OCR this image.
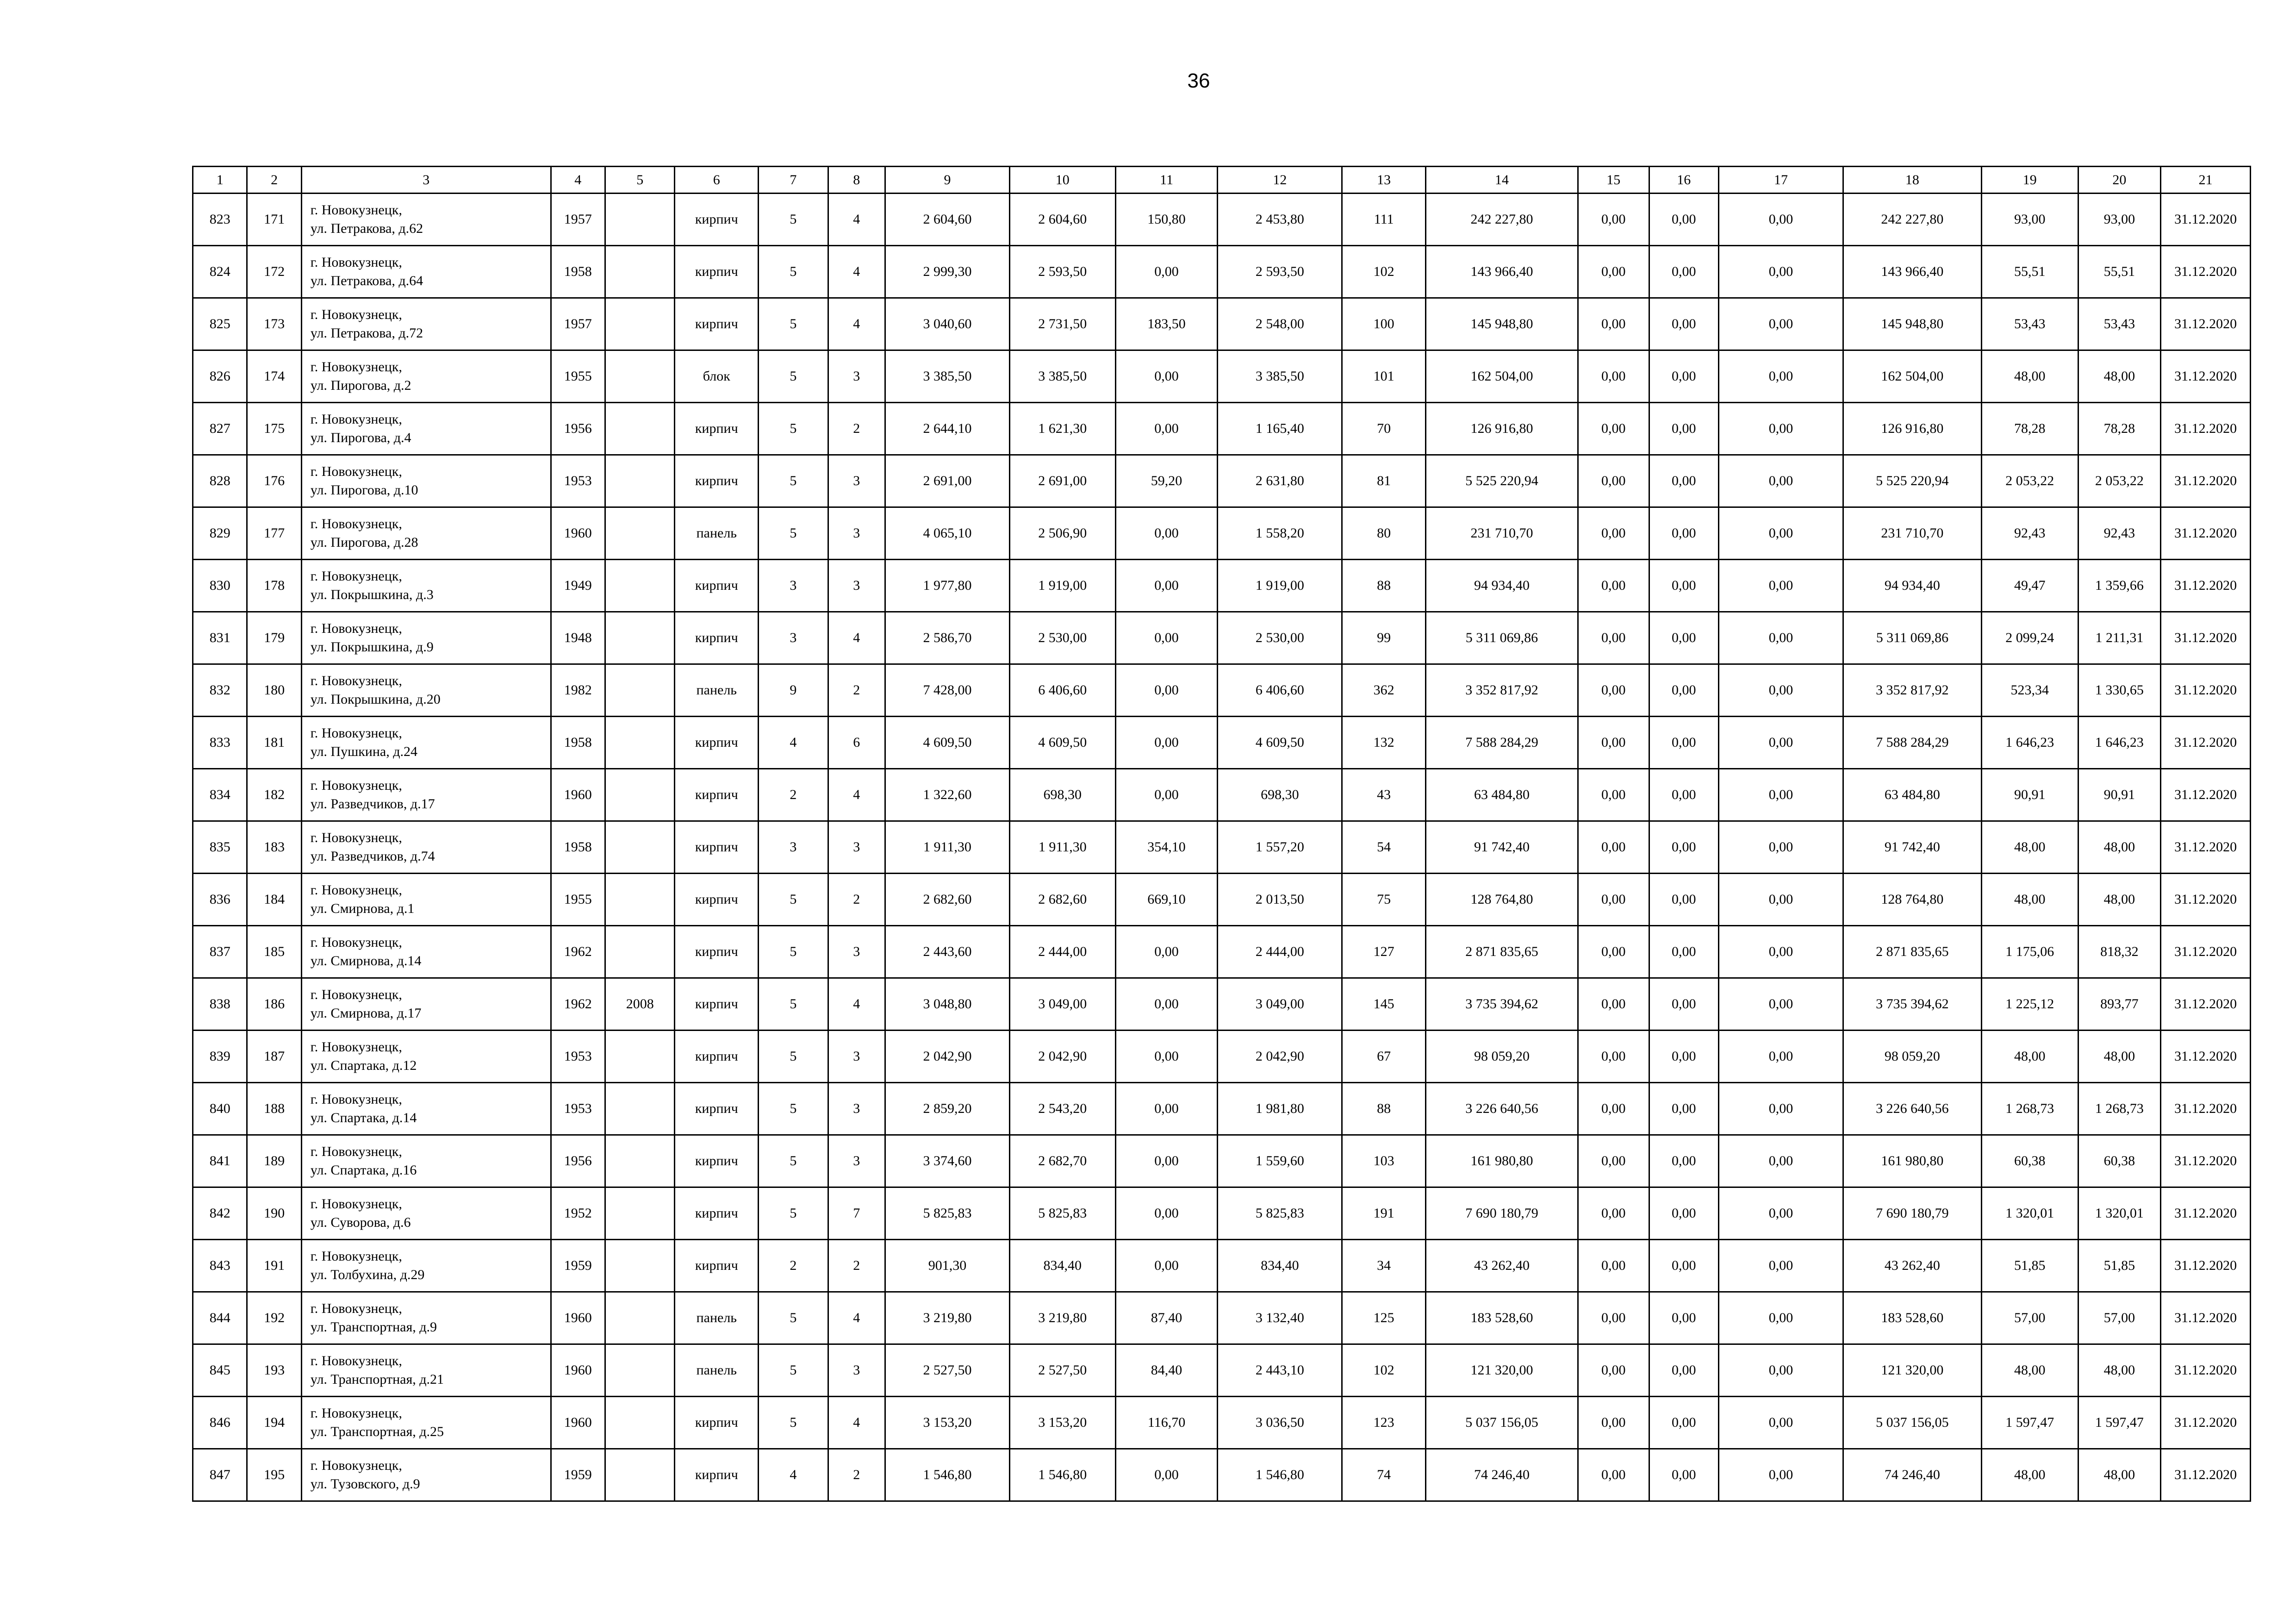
36
1	2	3	4	5	6	7	8	9	10	11	12	13	14	15	16	17	18	19	20	21
823	171	г. Новокузнецк,
ул. Петракова, д.62	1957		кирпич	5	4	2 604,60	2 604,60	150,80	2 453,80	111	242 227,80	0,00	0,00	0,00	242 227,80	93,00	93,00	31.12.2020
824	172	г. Новокузнецк,
ул. Петракова, д.64	1958		кирпич	5	4	2 999,30	2 593,50	0,00	2 593,50	102	143 966,40	0,00	0,00	0,00	143 966,40	55,51	55,51	31.12.2020
825	173	г. Новокузнецк,
ул. Петракова, д.72	1957		кирпич	5	4	3 040,60	2 731,50	183,50	2 548,00	100	145 948,80	0,00	0,00	0,00	145 948,80	53,43	53,43	31.12.2020
826	174	г. Новокузнецк,
ул. Пирогова, д.2	1955		блок	5	3	3 385,50	3 385,50	0,00	3 385,50	101	162 504,00	0,00	0,00	0,00	162 504,00	48,00	48,00	31.12.2020
827	175	г. Новокузнецк,
ул. Пирогова, д.4	1956		кирпич	5	2	2 644,10	1 621,30	0,00	1 165,40	70	126 916,80	0,00	0,00	0,00	126 916,80	78,28	78,28	31.12.2020
828	176	г. Новокузнецк,
ул. Пирогова, д.10	1953		кирпич	5	3	2 691,00	2 691,00	59,20	2 631,80	81	5 525 220,94	0,00	0,00	0,00	5 525 220,94	2 053,22	2 053,22	31.12.2020
829	177	г. Новокузнецк,
ул. Пирогова, д.28	1960		панель	5	3	4 065,10	2 506,90	0,00	1 558,20	80	231 710,70	0,00	0,00	0,00	231 710,70	92,43	92,43	31.12.2020
830	178	г. Новокузнецк,
ул. Покрышкина, д.3	1949		кирпич	3	3	1 977,80	1 919,00	0,00	1 919,00	88	94 934,40	0,00	0,00	0,00	94 934,40	49,47	1 359,66	31.12.2020
831	179	г. Новокузнецк,
ул. Покрышкина, д.9	1948		кирпич	3	4	2 586,70	2 530,00	0,00	2 530,00	99	5 311 069,86	0,00	0,00	0,00	5 311 069,86	2 099,24	1 211,31	31.12.2020
832	180	г. Новокузнецк,
ул. Покрышкина, д.20	1982		панель	9	2	7 428,00	6 406,60	0,00	6 406,60	362	3 352 817,92	0,00	0,00	0,00	3 352 817,92	523,34	1 330,65	31.12.2020
833	181	г. Новокузнецк,
ул. Пушкина, д.24	1958		кирпич	4	6	4 609,50	4 609,50	0,00	4 609,50	132	7 588 284,29	0,00	0,00	0,00	7 588 284,29	1 646,23	1 646,23	31.12.2020
834	182	г. Новокузнецк,
ул. Разведчиков, д.17	1960		кирпич	2	4	1 322,60	698,30	0,00	698,30	43	63 484,80	0,00	0,00	0,00	63 484,80	90,91	90,91	31.12.2020
835	183	г. Новокузнецк,
ул. Разведчиков, д.74	1958		кирпич	3	3	1 911,30	1 911,30	354,10	1 557,20	54	91 742,40	0,00	0,00	0,00	91 742,40	48,00	48,00	31.12.2020
836	184	г. Новокузнецк,
ул. Смирнова, д.1	1955		кирпич	5	2	2 682,60	2 682,60	669,10	2 013,50	75	128 764,80	0,00	0,00	0,00	128 764,80	48,00	48,00	31.12.2020
837	185	г. Новокузнецк,
ул. Смирнова, д.14	1962		кирпич	5	3	2 443,60	2 444,00	0,00	2 444,00	127	2 871 835,65	0,00	0,00	0,00	2 871 835,65	1 175,06	818,32	31.12.2020
838	186	г. Новокузнецк,
ул. Смирнова, д.17	1962	2008	кирпич	5	4	3 048,80	3 049,00	0,00	3 049,00	145	3 735 394,62	0,00	0,00	0,00	3 735 394,62	1 225,12	893,77	31.12.2020
839	187	г. Новокузнецк,
ул. Спартака, д.12	1953		кирпич	5	3	2 042,90	2 042,90	0,00	2 042,90	67	98 059,20	0,00	0,00	0,00	98 059,20	48,00	48,00	31.12.2020
840	188	г. Новокузнецк,
ул. Спартака, д.14	1953		кирпич	5	3	2 859,20	2 543,20	0,00	1 981,80	88	3 226 640,56	0,00	0,00	0,00	3 226 640,56	1 268,73	1 268,73	31.12.2020
841	189	г. Новокузнецк,
ул. Спартака, д.16	1956		кирпич	5	3	3 374,60	2 682,70	0,00	1 559,60	103	161 980,80	0,00	0,00	0,00	161 980,80	60,38	60,38	31.12.2020
842	190	г. Новокузнецк,
ул. Суворова, д.6	1952		кирпич	5	7	5 825,83	5 825,83	0,00	5 825,83	191	7 690 180,79	0,00	0,00	0,00	7 690 180,79	1 320,01	1 320,01	31.12.2020
843	191	г. Новокузнецк,
ул. Толбухина, д.29	1959		кирпич	2	2	901,30	834,40	0,00	834,40	34	43 262,40	0,00	0,00	0,00	43 262,40	51,85	51,85	31.12.2020
844	192	г. Новокузнецк,
ул. Транспортная, д.9	1960		панель	5	4	3 219,80	3 219,80	87,40	3 132,40	125	183 528,60	0,00	0,00	0,00	183 528,60	57,00	57,00	31.12.2020
845	193	г. Новокузнецк,
ул. Транспортная, д.21	1960		панель	5	3	2 527,50	2 527,50	84,40	2 443,10	102	121 320,00	0,00	0,00	0,00	121 320,00	48,00	48,00	31.12.2020
846	194	г. Новокузнецк,
ул. Транспортная, д.25	1960		кирпич	5	4	3 153,20	3 153,20	116,70	3 036,50	123	5 037 156,05	0,00	0,00	0,00	5 037 156,05	1 597,47	1 597,47	31.12.2020
847	195	г. Новокузнецк,
ул. Тузовского, д.9	1959		кирпич	4	2	1 546,80	1 546,80	0,00	1 546,80	74	74 246,40	0,00	0,00	0,00	74 246,40	48,00	48,00	31.12.2020
